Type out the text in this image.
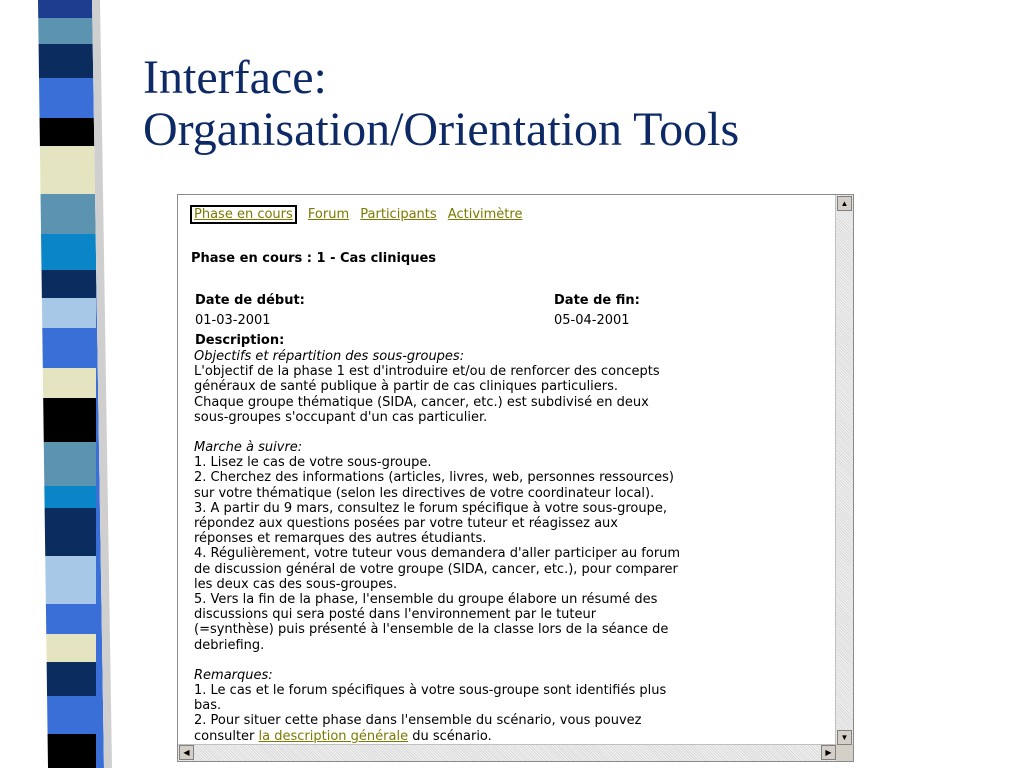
Interface:
Organisation/Orientation Tools
Phase en cours Forum Participants Activimètre
Phase en cours : 1 - Cas cliniques
Date de début:
01-03-2001
Date de fin:
05-04-2001
Description:
Objectifs et répartition des sous-groupes:
L'objectif de la phase 1 est d'introduire et/ou de renforcer des concepts
généraux de santé publique à partir de cas cliniques particuliers.
Chaque groupe thématique (SIDA, cancer, etc.) est subdivisé en deux
sous-groupes s'occupant d'un cas particulier.
Marche à suivre:
1. Lisez le cas de votre sous-groupe.
2. Cherchez des informations (articles, livres, web, personnes ressources)
sur votre thématique (selon les directives de votre coordinateur local).
3. A partir du 9 mars, consultez le forum spécifique à votre sous-groupe,
répondez aux questions posées par votre tuteur et réagissez aux
réponses et remarques des autres étudiants.
4. Régulièrement, votre tuteur vous demandera d'aller participer au forum
de discussion général de votre groupe (SIDA, cancer, etc.), pour comparer
les deux cas des sous-groupes.
5. Vers la fin de la phase, l'ensemble du groupe élabore un résumé des
discussions qui sera posté dans l'environnement par le tuteur
(=synthèse) puis présenté à l'ensemble de la classe lors de la séance de
debriefing.
Remarques:
1. Le cas et le forum spécifiques à votre sous-groupe sont identifiés plus
bas.
2. Pour situer cette phase dans l'ensemble du scénario, vous pouvez
consulter la description générale du scénario.
▲
▼
◀	▶
